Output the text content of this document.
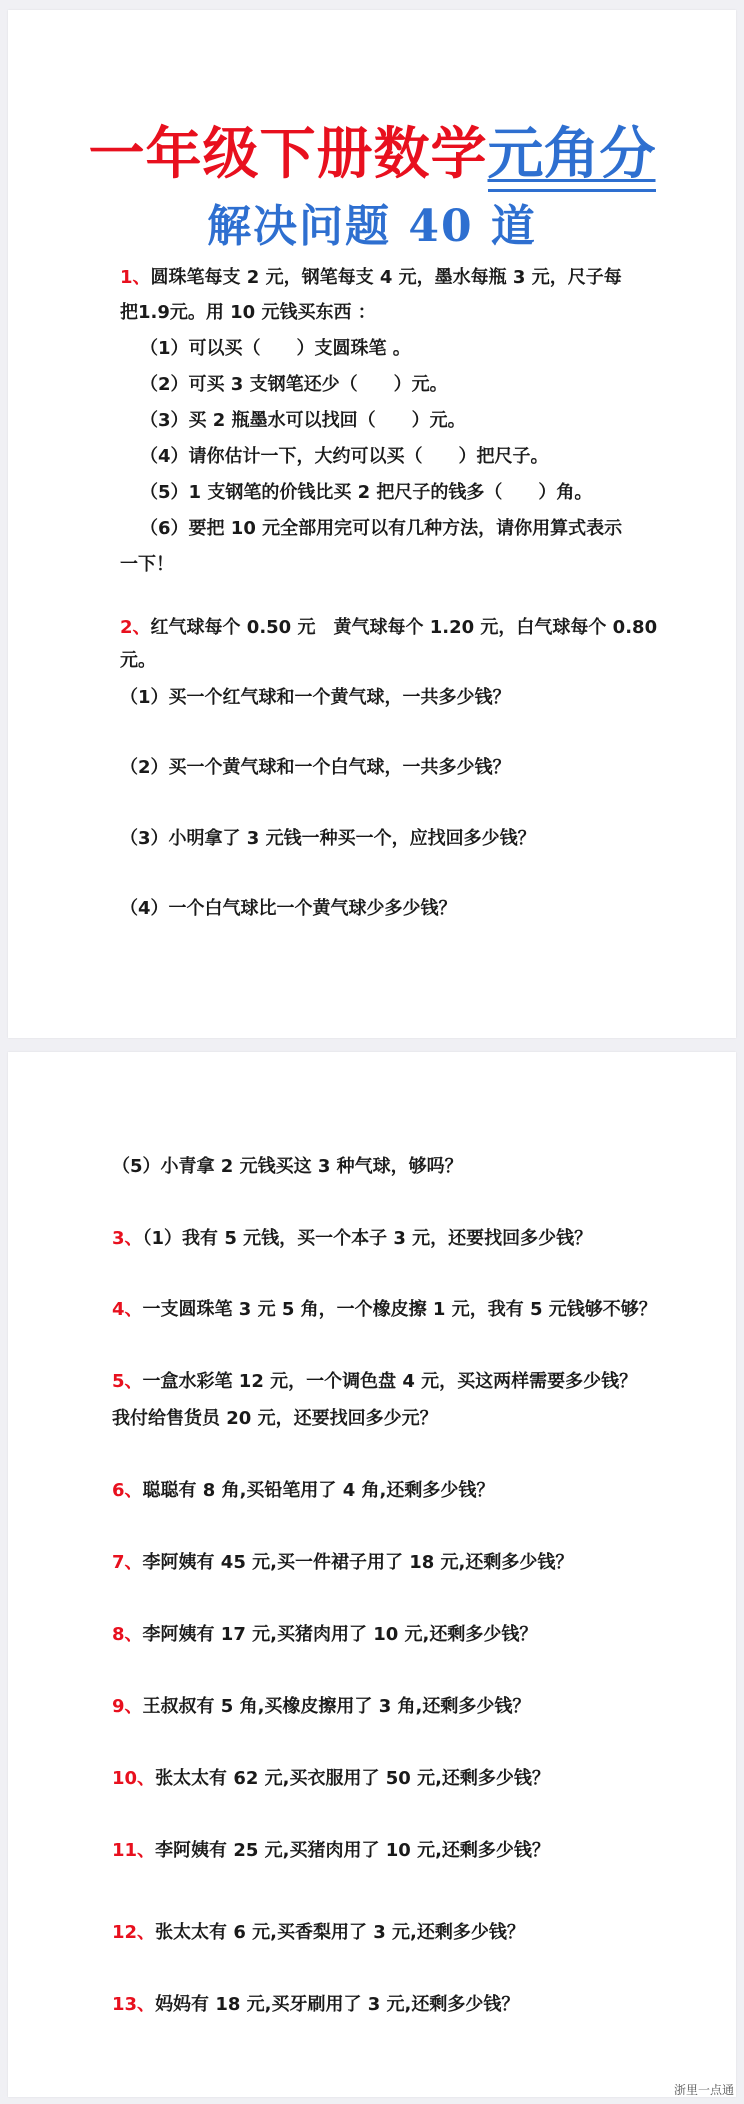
一年级下册数学元角分
解决问题 40 道
1、圆珠笔每支 2 元，钢笔每支 4 元，墨水每瓶 3 元，尺子每
把1.9元。用 10 元钱买东西 ：
（1）可以买（　　）支圆珠笔 。
（2）可买 3 支钢笔还少（　　）元。
（3）买 2 瓶墨水可以找回（　　）元。
（4）请你估计一下，大约可以买（　　）把尺子。
（5）1 支钢笔的价钱比买 2 把尺子的钱多（　　）角。
（6）要把 10 元全部用完可以有几种方法，请你用算式表示
一下！
2、红气球每个 0.50 元　黄气球每个 1.20 元，白气球每个 0.80
元。
（1）买一个红气球和一个黄气球，一共多少钱？
（2）买一个黄气球和一个白气球，一共多少钱？
（3）小明拿了 3 元钱一种买一个，应找回多少钱？
（4）一个白气球比一个黄气球少多少钱？
（5）小青拿 2 元钱买这 3 种气球，够吗？
3、（1）我有 5 元钱，买一个本子 3 元，还要找回多少钱？
4、一支圆珠笔 3 元 5 角，一个橡皮擦 1 元，我有 5 元钱够不够？
5、一盒水彩笔 12 元，一个调色盘 4 元，买这两样需要多少钱？
我付给售货员 20 元，还要找回多少元？
6、聪聪有 8 角,买铅笔用了 4 角,还剩多少钱？
7、李阿姨有 45 元,买一件裙子用了 18 元,还剩多少钱？
8、李阿姨有 17 元,买猪肉用了 10 元,还剩多少钱？
9、王叔叔有 5 角,买橡皮擦用了 3 角,还剩多少钱？
10、张太太有 62 元,买衣服用了 50 元,还剩多少钱？
11、李阿姨有 25 元,买猪肉用了 10 元,还剩多少钱？
12、张太太有 6 元,买香梨用了 3 元,还剩多少钱？
13、妈妈有 18 元,买牙刷用了 3 元,还剩多少钱？
浙里一点通
